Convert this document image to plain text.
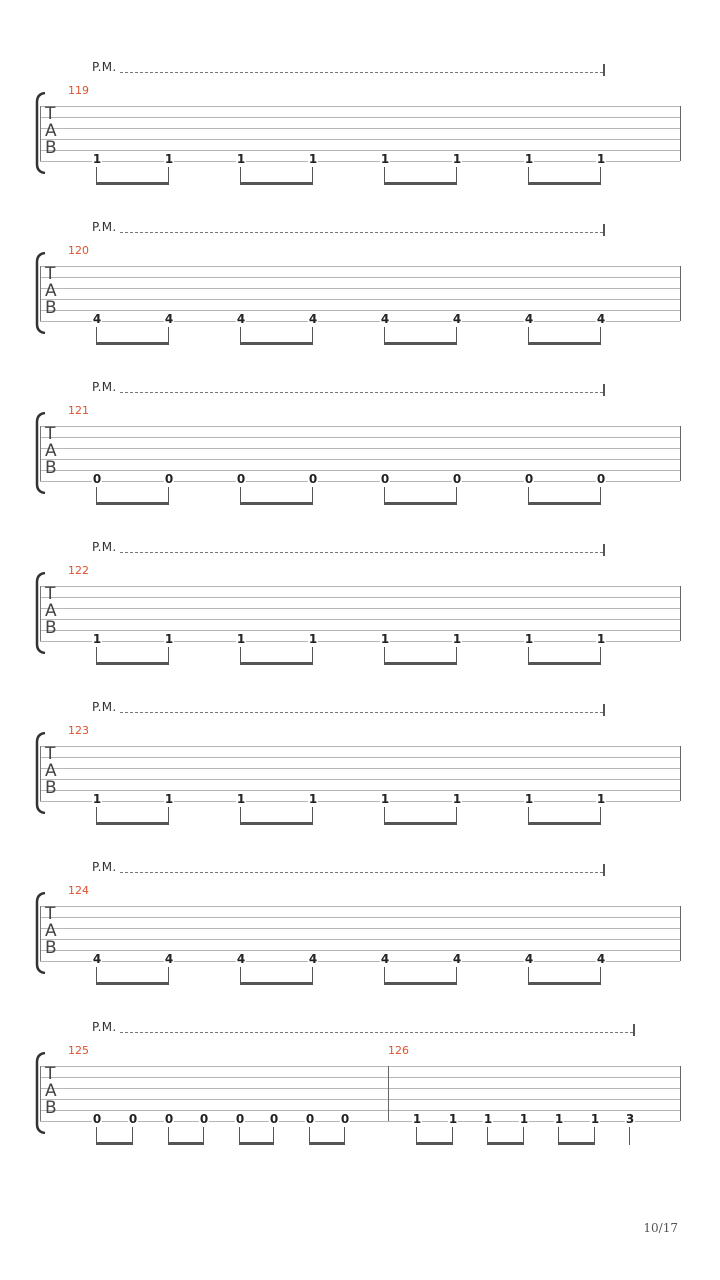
P.M.
T
A
B
119
1	1	1	1	1	1	1	1
P.M.
T
A
B
120
4	4	4	4	4	4	4	4
P.M.
T
A
B
121
0	0	0	0	0	0	0	0
P.M.
T
A
B
122
1	1	1	1	1	1	1	1
P.M.
T
A
B
123
1	1	1	1	1	1	1	1
P.M.
T
A
B
124
4	4	4	4	4	4	4	4
P.M.
T
A
B
125
0 0 0 0 0 0 0 0
126
1 1 1 1 1 1 3
10/17
